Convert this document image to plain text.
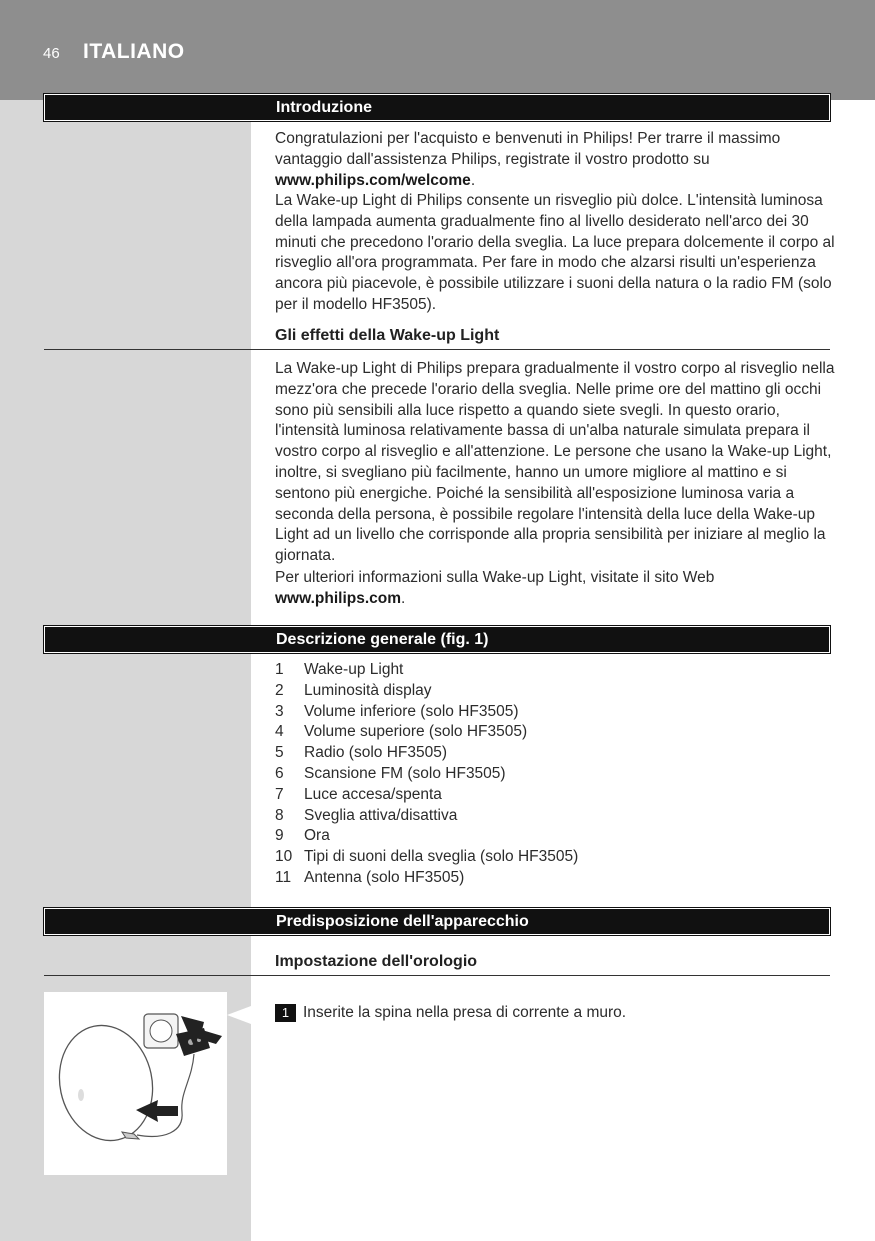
46 ITALIANO
Introduzione
Congratulazioni per l'acquisto e benvenuti in Philips! Per trarre il massimo vantaggio dall'assistenza Philips, registrate il vostro prodotto su www.philips.com/welcome.
La Wake-up Light di Philips consente un risveglio più dolce. L'intensità luminosa della lampada aumenta gradualmente fino al livello desiderato nell'arco dei 30 minuti che precedono l'orario della sveglia. La luce prepara dolcemente il corpo al risveglio all'ora programmata. Per fare in modo che alzarsi risulti un'esperienza ancora più piacevole, è possibile utilizzare i suoni della natura o la radio FM (solo per il modello HF3505).
Gli effetti della Wake-up Light
La Wake-up Light di Philips prepara gradualmente il vostro corpo al risveglio nella mezz'ora che precede l'orario della sveglia. Nelle prime ore del mattino gli occhi sono più sensibili alla luce rispetto a quando siete svegli. In questo orario, l'intensità luminosa relativamente bassa di un'alba naturale simulata prepara il vostro corpo al risveglio e all'attenzione. Le persone che usano la Wake-up Light, inoltre, si svegliano più facilmente, hanno un umore migliore al mattino e si sentono più energiche. Poiché la sensibilità all'esposizione luminosa varia a seconda della persona, è possibile regolare l'intensità della luce della Wake-up Light ad un livello che corrisponde alla propria sensibilità per iniziare al meglio la giornata.
Per ulteriori informazioni sulla Wake-up Light, visitate il sito Web
www.philips.com.
Descrizione generale (fig. 1)
1	Wake-up Light
2	Luminosità display
3	Volume inferiore (solo HF3505)
4	Volume superiore (solo HF3505)
5	Radio (solo HF3505)
6	Scansione FM (solo HF3505)
7	Luce accesa/spenta
8	Sveglia attiva/disattiva
9	Ora
10 Tipi di suoni della sveglia (solo HF3505)
11 Antenna (solo HF3505)
Predisposizione dell'apparecchio
Impostazione dell'orologio
1 Inserite la spina nella presa di corrente a muro.
